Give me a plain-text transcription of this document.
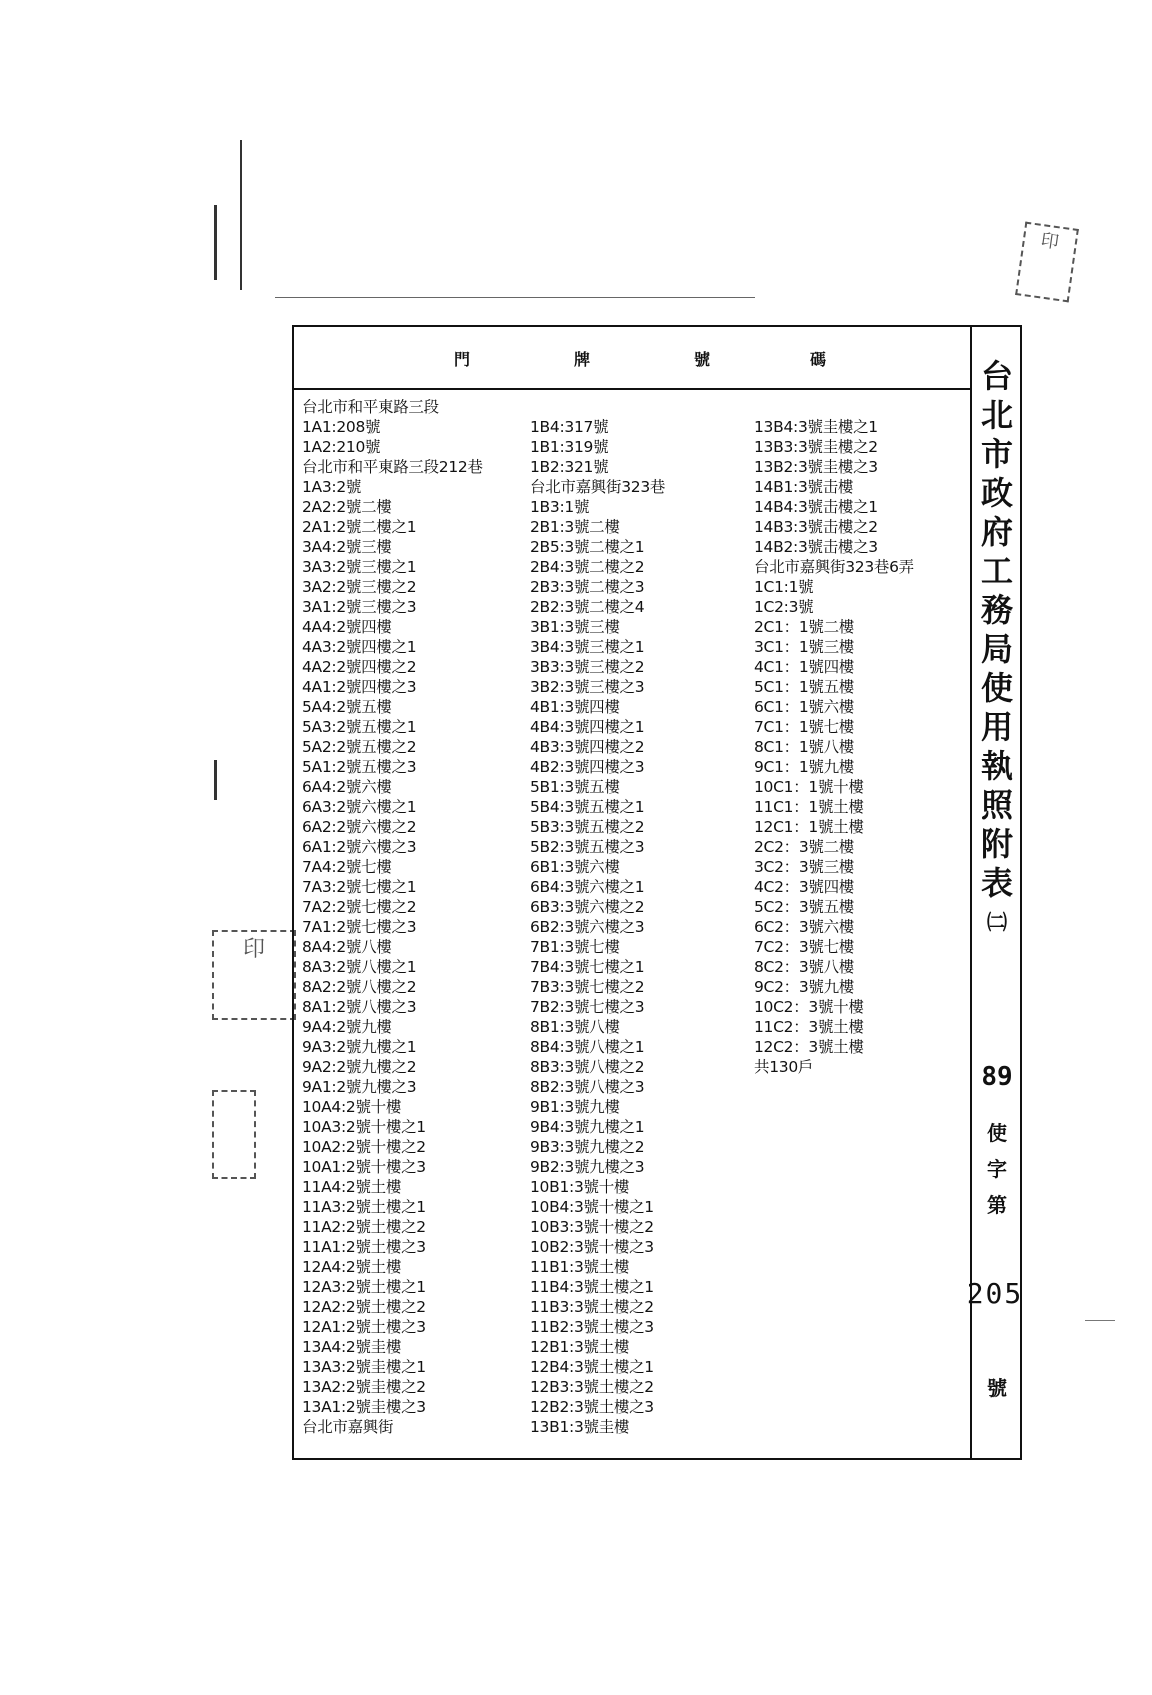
印
印
門	牌	號	碼
台北市和平東路三段
1A1:208號
1A2:210號
台北市和平東路三段212巷
1A3:2號
2A2:2號二樓
2A1:2號二樓之1
3A4:2號三樓
3A3:2號三樓之1
3A2:2號三樓之2
3A1:2號三樓之3
4A4:2號四樓
4A3:2號四樓之1
4A2:2號四樓之2
4A1:2號四樓之3
5A4:2號五樓
5A3:2號五樓之1
5A2:2號五樓之2
5A1:2號五樓之3
6A4:2號六樓
6A3:2號六樓之1
6A2:2號六樓之2
6A1:2號六樓之3
7A4:2號七樓
7A3:2號七樓之1
7A2:2號七樓之2
7A1:2號七樓之3
8A4:2號八樓
8A3:2號八樓之1
8A2:2號八樓之2
8A1:2號八樓之3
9A4:2號九樓
9A3:2號九樓之1
9A2:2號九樓之2
9A1:2號九樓之3
10A4:2號十樓
10A3:2號十樓之1
10A2:2號十樓之2
10A1:2號十樓之3
11A4:2號土樓
11A3:2號土樓之1
11A2:2號土樓之2
11A1:2號土樓之3
12A4:2號土樓
12A3:2號土樓之1
12A2:2號土樓之2
12A1:2號土樓之3
13A4:2號圭樓
13A3:2號圭樓之1
13A2:2號圭樓之2
13A1:2號圭樓之3
台北市嘉興街
1B4:317號
1B1:319號
1B2:321號
台北市嘉興街323巷
1B3:1號
2B1:3號二樓
2B5:3號二樓之1
2B4:3號二樓之2
2B3:3號二樓之3
2B2:3號二樓之4
3B1:3號三樓
3B4:3號三樓之1
3B3:3號三樓之2
3B2:3號三樓之3
4B1:3號四樓
4B4:3號四樓之1
4B3:3號四樓之2
4B2:3號四樓之3
5B1:3號五樓
5B4:3號五樓之1
5B3:3號五樓之2
5B2:3號五樓之3
6B1:3號六樓
6B4:3號六樓之1
6B3:3號六樓之2
6B2:3號六樓之3
7B1:3號七樓
7B4:3號七樓之1
7B3:3號七樓之2
7B2:3號七樓之3
8B1:3號八樓
8B4:3號八樓之1
8B3:3號八樓之2
8B2:3號八樓之3
9B1:3號九樓
9B4:3號九樓之1
9B3:3號九樓之2
9B2:3號九樓之3
10B1:3號十樓
10B4:3號十樓之1
10B3:3號十樓之2
10B2:3號十樓之3
11B1:3號土樓
11B4:3號土樓之1
11B3:3號土樓之2
11B2:3號土樓之3
12B1:3號土樓
12B4:3號土樓之1
12B3:3號土樓之2
12B2:3號土樓之3
13B1:3號圭樓
13B4:3號圭樓之1
13B3:3號圭樓之2
13B2:3號圭樓之3
14B1:3號击樓
14B4:3號击樓之1
14B3:3號击樓之2
14B2:3號击樓之3
台北市嘉興街323巷6弄
1C1:1號
1C2:3號
2C1：1號二樓
3C1：1號三樓
4C1：1號四樓
5C1：1號五樓
6C1：1號六樓
7C1：1號七樓
8C1：1號八樓
9C1：1號九樓
10C1：1號十樓
11C1：1號土樓
12C1：1號土樓
2C2：3號二樓
3C2：3號三樓
4C2：3號四樓
5C2：3號五樓
6C2：3號六樓
7C2：3號七樓
8C2：3號八樓
9C2：3號九樓
10C2：3號十樓
11C2：3號土樓
12C2：3號土樓
共130戶
台
北
市
政
府
工
務
局
使
用
執
照
附
表
㈡
89
使
字
第
205
號
